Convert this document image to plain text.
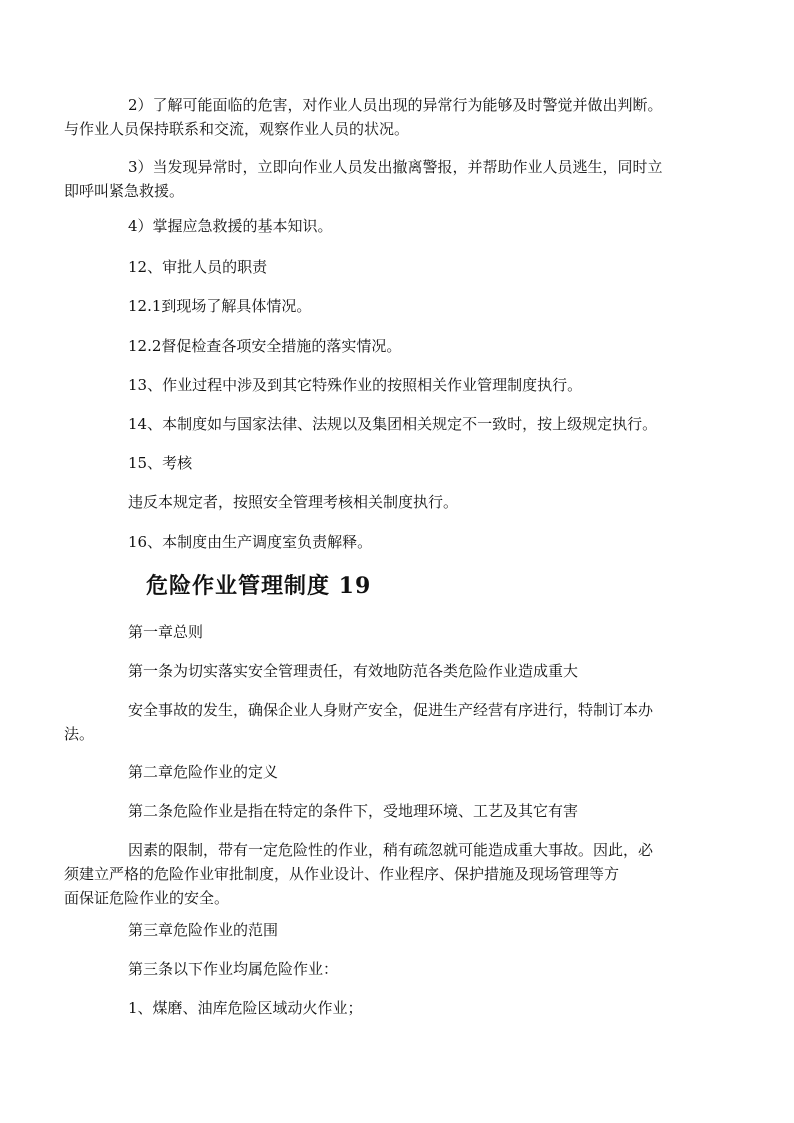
2）了解可能面临的危害，对作业人员出现的异常行为能够及时警觉并做出判断。
与作业人员保持联系和交流，观察作业人员的状况。
3）当发现异常时，立即向作业人员发出撤离警报，并帮助作业人员逃生，同时立
即呼叫紧急救援。
4）掌握应急救援的基本知识。
12、审批人员的职责
12.1到现场了解具体情况。
12.2督促检查各项安全措施的落实情况。
13、作业过程中涉及到其它特殊作业的按照相关作业管理制度执行。
14、本制度如与国家法律、法规以及集团相关规定不一致时，按上级规定执行。
15、考核
违反本规定者，按照安全管理考核相关制度执行。
16、本制度由生产调度室负责解释。
危险作业管理制度 19
第一章总则
第一条为切实落实安全管理责任，有效地防范各类危险作业造成重大
安全事故的发生，确保企业人身财产安全，促进生产经营有序进行，特制订本办
法。
第二章危险作业的定义
第二条危险作业是指在特定的条件下，受地理环境、工艺及其它有害
因素的限制，带有一定危险性的作业，稍有疏忽就可能造成重大事故。因此，必
须建立严格的危险作业审批制度，从作业设计、作业程序、保护措施及现场管理等方
面保证危险作业的安全。
第三章危险作业的范围
第三条以下作业均属危险作业：
1、煤磨、油库危险区域动火作业；
